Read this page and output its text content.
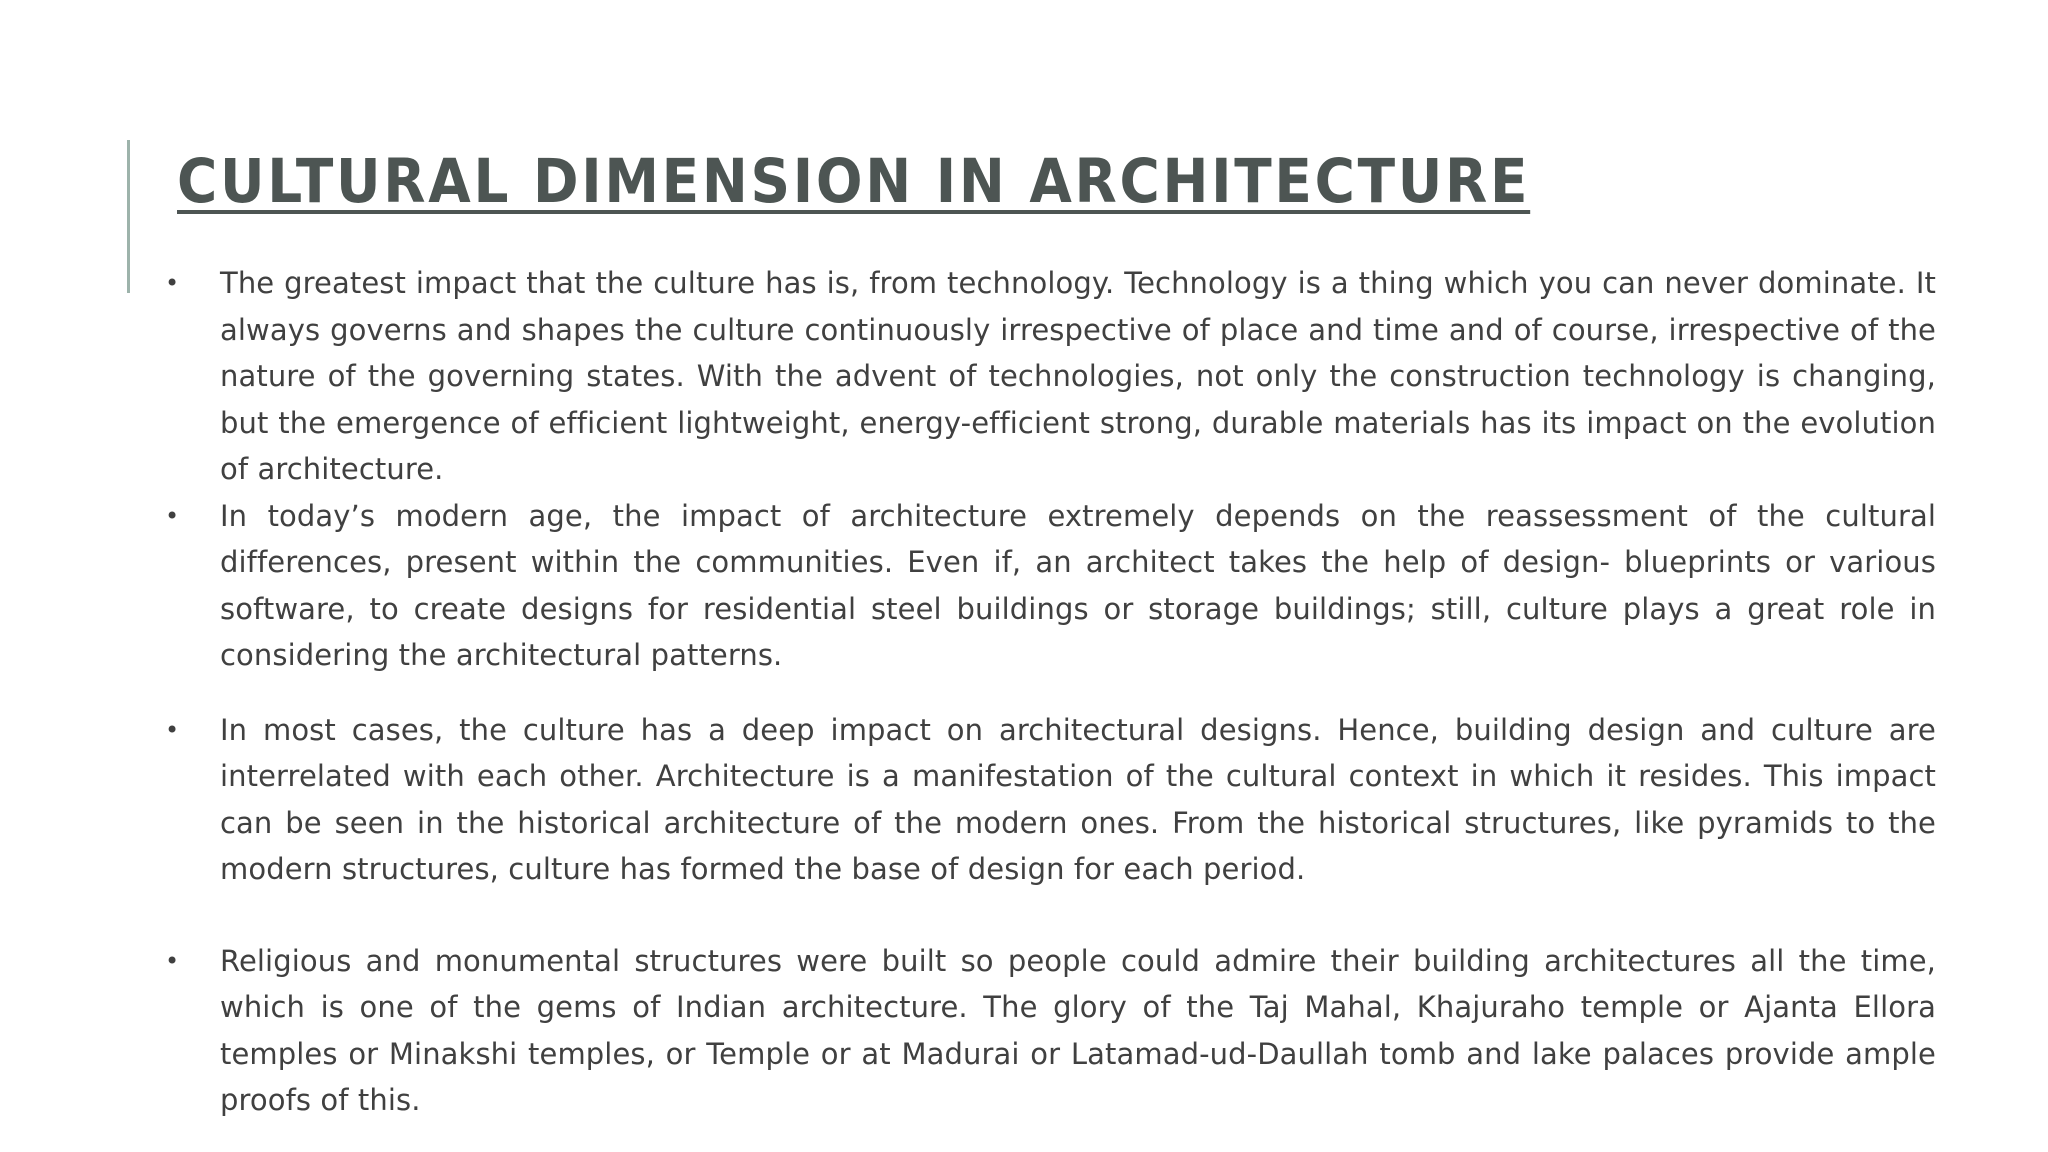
CULTURAL DIMENSION IN ARCHITECTURE
• The greatest impact that the culture has is, from technology. Technology is a thing which you can never dominate. It always governs and shapes the culture continuously irrespective of place and time and of course, irrespective of the nature of the governing states. With the advent of technologies, not only the construction technology is changing, but the emergence of efficient lightweight, energy-efficient strong, durable materials has its impact on the evolution of architecture.
• In today’s modern age, the impact of architecture extremely depends on the reassessment of the cultural differences, present within the communities. Even if, an architect takes the help of design- blueprints or various software, to create designs for residential steel buildings or storage buildings; still, culture plays a great role in considering the architectural patterns.
• In most cases, the culture has a deep impact on architectural designs. Hence, building design and culture are interrelated with each other. Architecture is a manifestation of the cultural context in which it resides. This impact can be seen in the historical architecture of the modern ones. From the historical structures, like pyramids to the modern structures, culture has formed the base of design for each period.
• Religious and monumental structures were built so people could admire their building architectures all the time, which is one of the gems of Indian architecture. The glory of the Taj Mahal, Khajuraho temple or Ajanta Ellora temples or Minakshi temples, or Temple or at Madurai or Latamad-ud-Daullah tomb and lake palaces provide ample proofs of this.
